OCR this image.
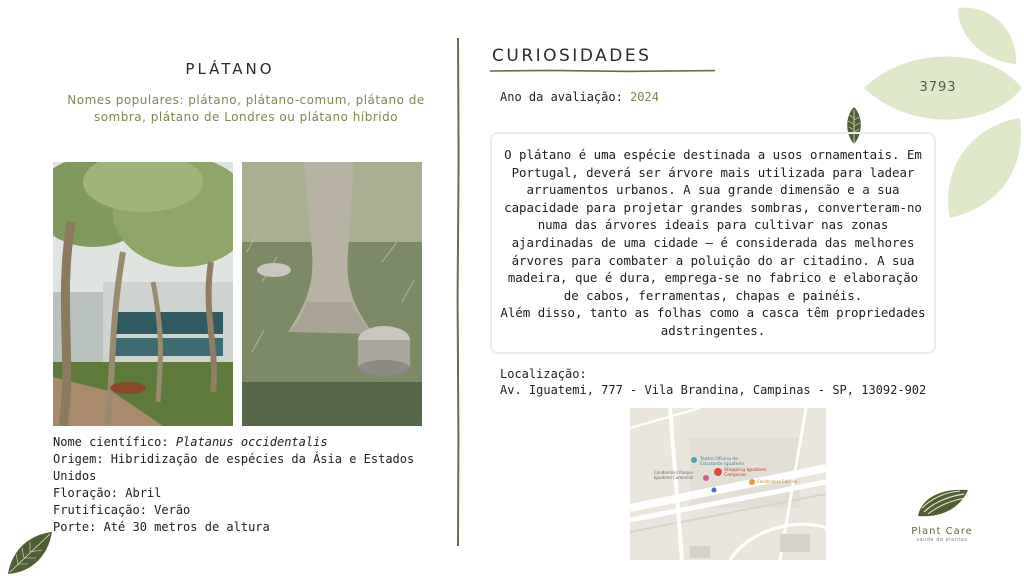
PLÁTANO
Nomes populares: plátano, plátano-comum, plátano de sombra, plátano de Londres ou plátano híbrido
Nome científico: Platanus occidentalis
Origem: Hibridização de espécies da Ásia e Estados Unidos
Floração: Abril
Frutificação: Verão
Porte: Até 30 metros de altura
CURIOSIDADES
Ano da avaliação: 2024
O plátano é uma espécie destinada a usos ornamentais. Em Portugal, deverá ser árvore mais utilizada para ladear arruamentos urbanos. A sua grande dimensão e a sua capacidade para projetar grandes sombras, converteram-no numa das árvores ideais para cultivar nas zonas ajardinadas de uma cidade – é considerada das melhores árvores para combater a poluição do ar citadino. A sua madeira, que é dura, emprega-se no fabrico e elaboração de cabos, ferramentas, chapas e painéis.
Além disso, tanto as folhas como a casca têm propriedades adstringentes.
Localização:
Av. Iguatemi, 777 - Vila Brandina, Campinas - SP, 13092-902
Teatro Oficina do Estudante Iguatemi
Shopping Iguatemi Campinas
Condomínio Parque Iguatemi Comercial
Construtora Caio de
3793
Plant Care
saude de plantas
